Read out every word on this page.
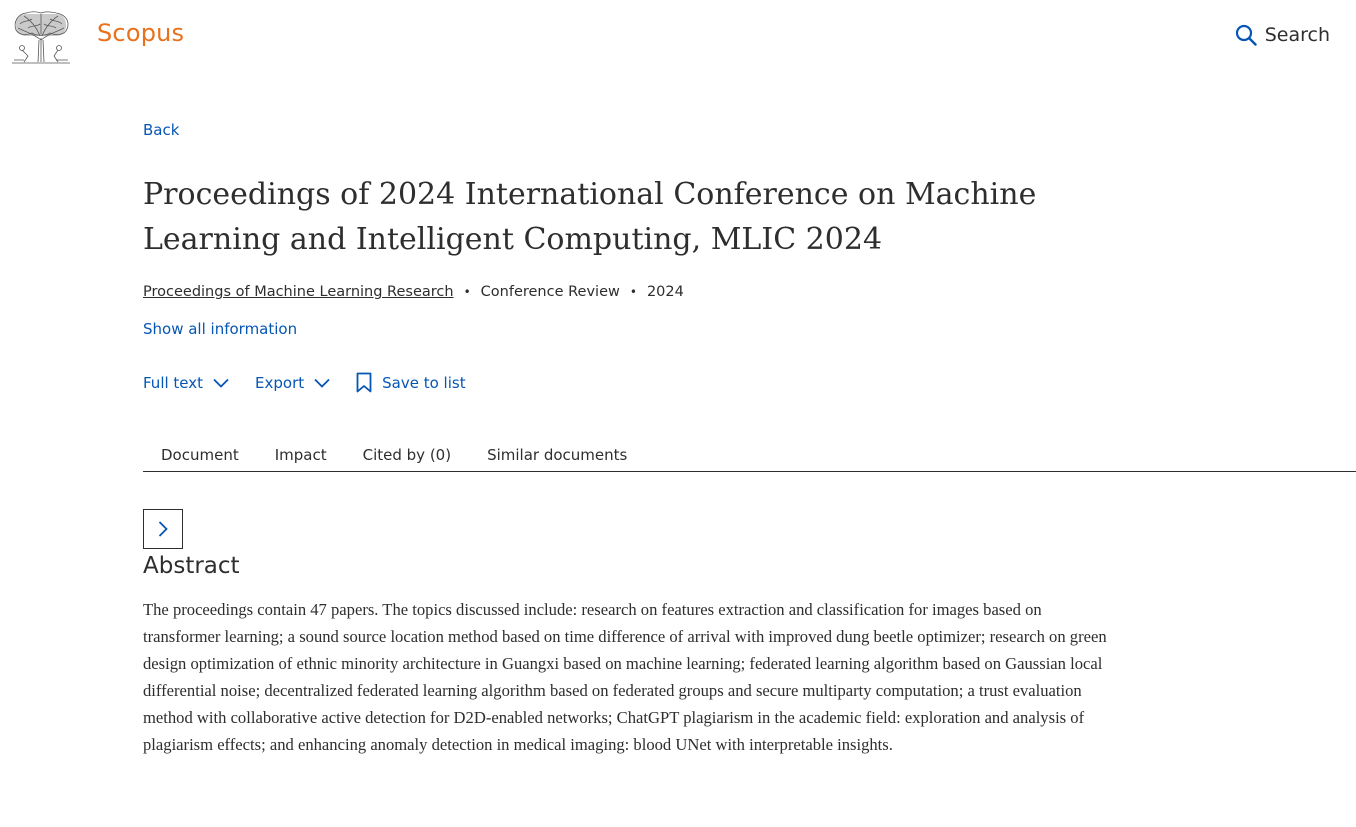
Scopus	Search
Back
Proceedings of 2024 International Conference on Machine Learning and Intelligent Computing, MLIC 2024
Proceedings of Machine Learning Research • Conference Review • 2024
Show all information
Full text	Export	Save to list
Document Impact Cited by (0) Similar documents
Abstract

The proceedings contain 47 papers. The topics discussed include: research on features extraction and classification for images based on transformer learning; a sound source location method based on time difference of arrival with improved dung beetle optimizer; research on green design optimization of ethnic minority architecture in Guangxi based on machine learning; federated learning algorithm based on Gaussian local differential noise; decentralized federated learning algorithm based on federated groups and secure multiparty computation; a trust evaluation method with collaborative active detection for D2D-enabled networks; ChatGPT plagiarism in the academic field: exploration and analysis of plagiarism effects; and enhancing anomaly detection in medical imaging: blood UNet with interpretable insights.
